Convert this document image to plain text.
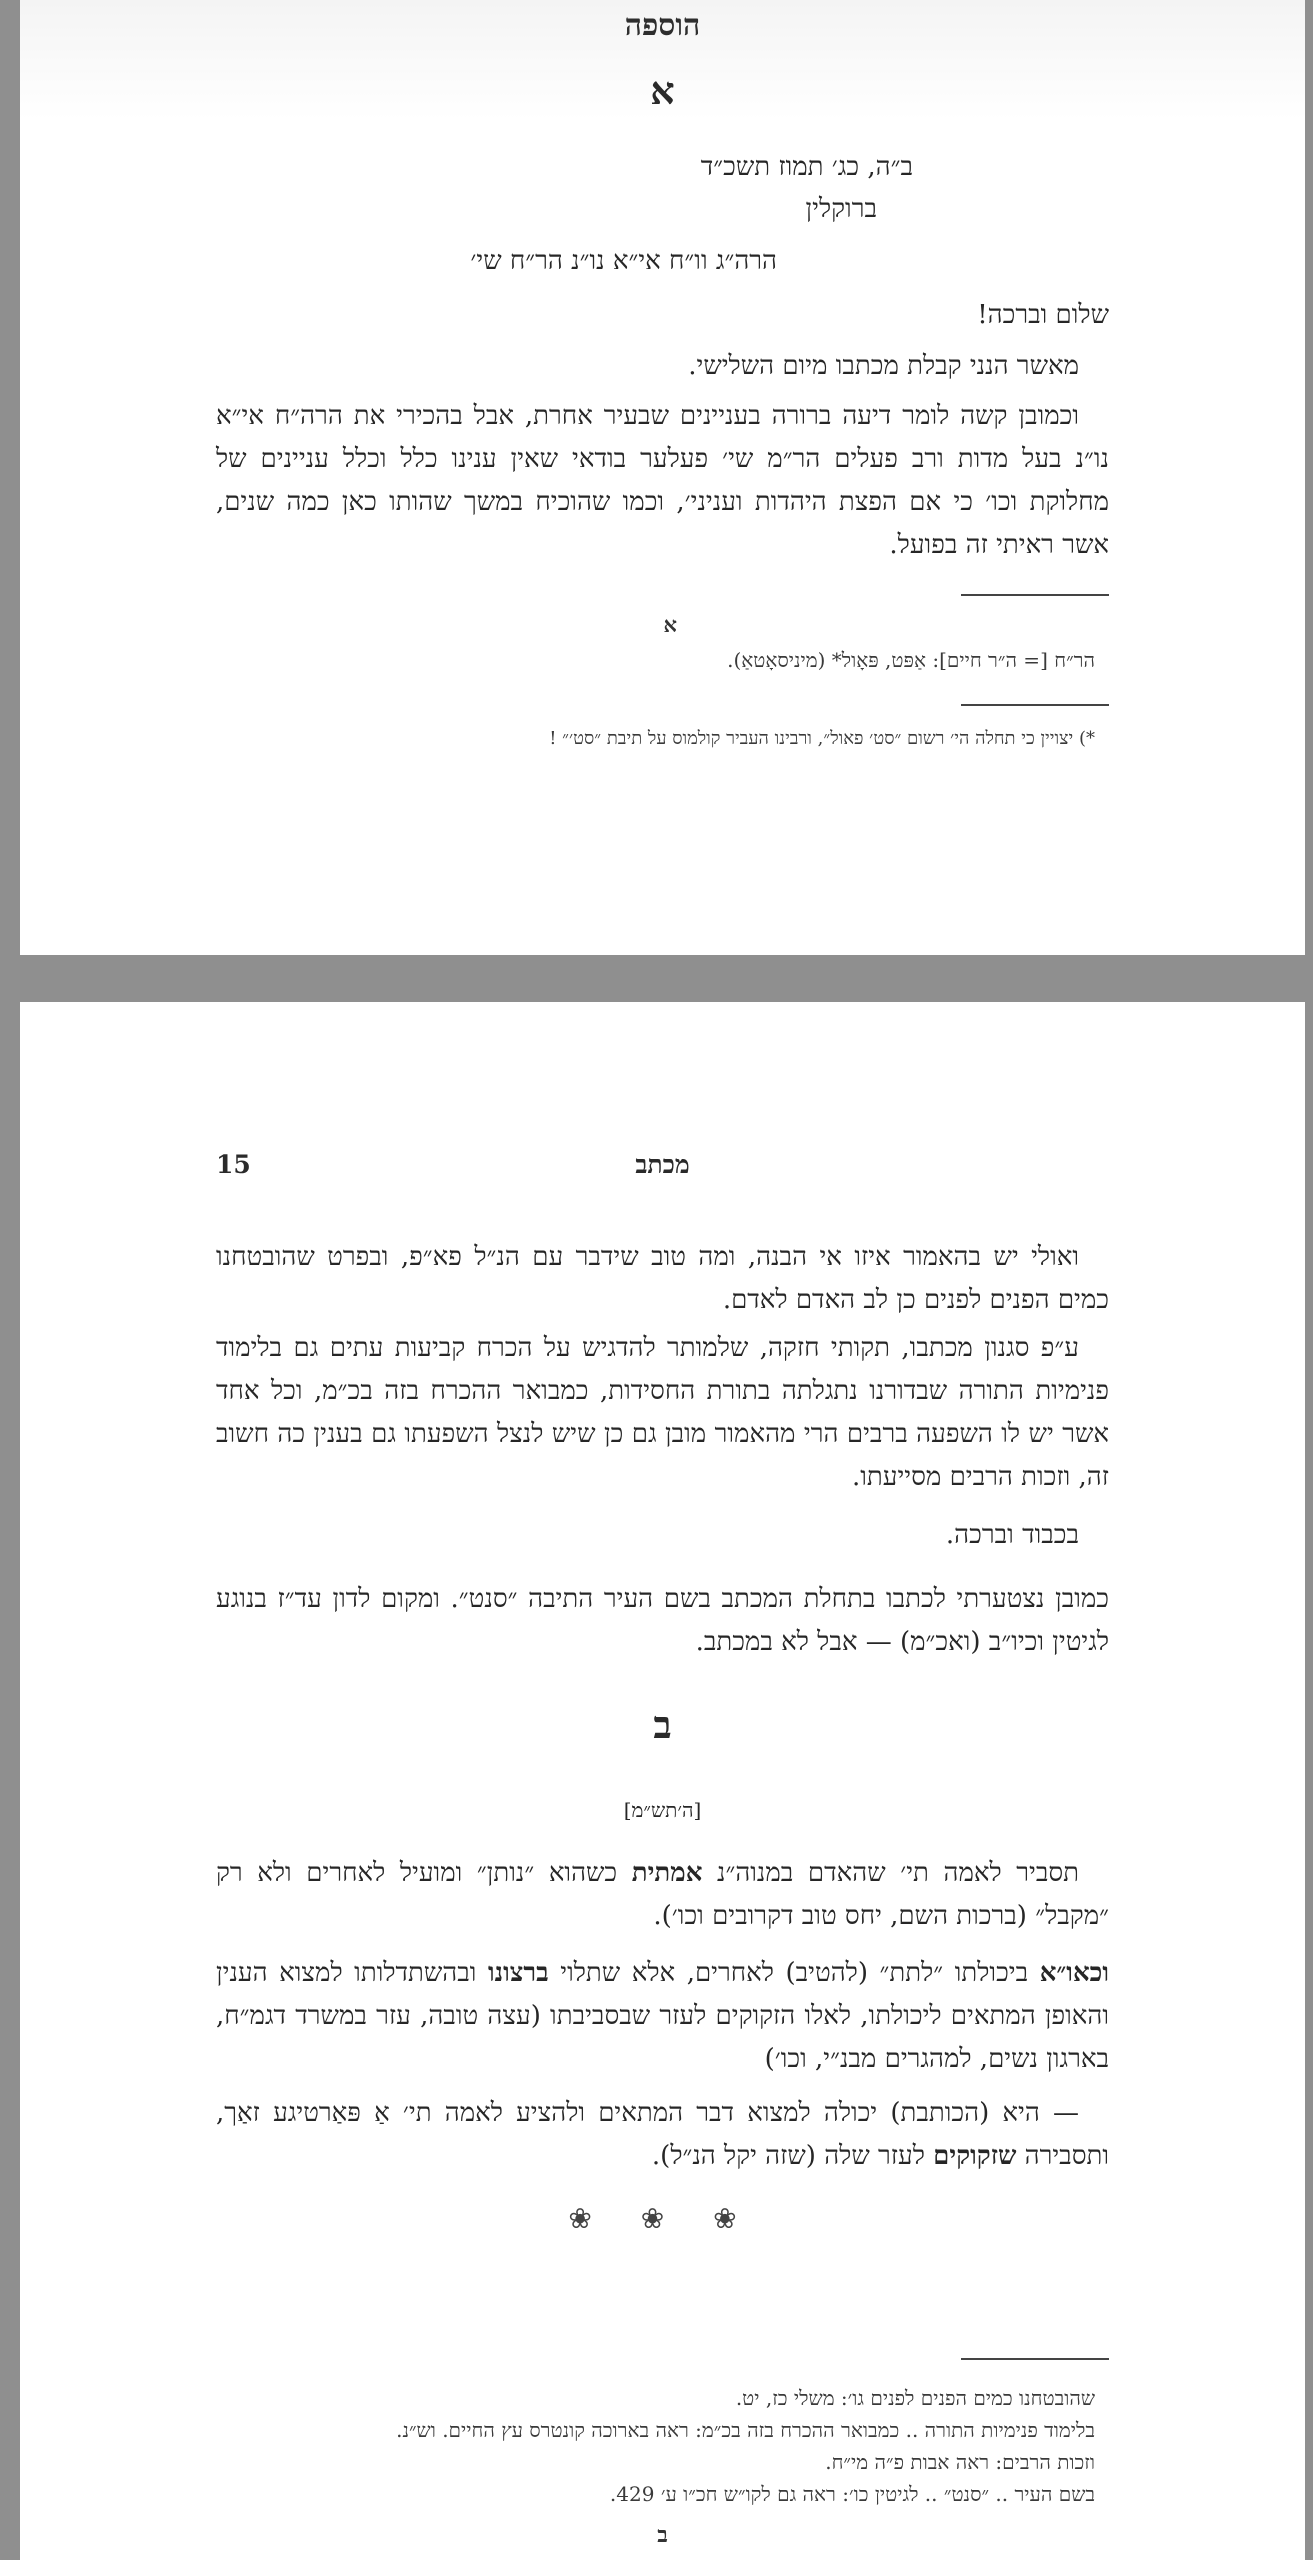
הוספה
א
ב״ה, כג׳ תמוז תשכ״ד
ברוקלין
הרה״ג וו״ח אי״א נו״נ הר״ח שי׳
שלום וברכה!
מאשר הנני קבלת מכתבו מיום השלישי.
וכמובן קשה לומר דיעה ברורה בעניינים שבעיר אחרת, אבל בהכירי את הרה״ח אי״א נו״נ בעל מדות ורב פעלים הר״מ שי׳ פעלער בודאי שאין ענינו כלל וכלל עניינים של מחלוקת וכו׳ כי אם הפצת היהדות ועניני׳, וכמו שהוכיח במשך שהותו כאן כמה שנים, אשר ראיתי זה בפועל.
א
הר״ח [= ה״ר חיים]: אַפּט, פּאָול* (מיניסאָטאַ).
*) יצויין כי תחלה הי׳ רשום ״סט׳ פאול״, ורבינו העביר קולמוס על תיבת ״סט׳״ !
מכתב
15
ואולי יש בהאמור איזו אי הבנה, ומה טוב שידבר עם הנ״ל פא״פ, ובפרט שהובטחנו כמים הפנים לפנים כן לב האדם לאדם.
ע״פ סגנון מכתבו, תקותי חזקה, שלמותר להדגיש על הכרח קביעות עתים גם בלימוד פנימיות התורה שבדורנו נתגלתה בתורת החסידות, כמבואר ההכרח בזה בכ״מ, וכל אחד אשר יש לו השפעה ברבים הרי מהאמור מובן גם כן שיש לנצל השפעתו גם בענין כה חשוב זה, וזכות הרבים מסייעתו.
בכבוד וברכה.
כמובן נצטערתי לכתבו בתחלת המכתב בשם העיר התיבה ״סנט״. ומקום לדון עד״ז בנוגע לגיטין וכיו״ב (ואכ״מ) — אבל לא במכתב.
ב
[ה׳תש״מ]
תסביר לאמה תי׳ שהאדם במנוה״נ אמתית כשהוא ״נותן״ ומועיל לאחרים ולא רק ״מקבל״ (ברכות השם, יחס טוב דקרובים וכו׳).
וכאו״א ביכולתו ״לתת״ (להטיב) לאחרים, אלא שתלוי ברצונו ובהשתדלותו למצוא הענין והאופן המתאים ליכולתו, לאלו הזקוקים לעזר שבסביבתו (עצה טובה, עזר במשרד דגמ״ח, בארגון נשים, למהגרים מבנ״י, וכו׳)
— היא (הכותבת) יכולה למצוא דבר המתאים ולהציע לאמה תי׳ אַ פּאַרטיגע זאַך, ותסבירה שזקוקים לעזר שלה (שזה יקל הנ״ל).
❀ ❀ ❀
שהובטחנו כמים הפנים לפנים גו׳: משלי כז, יט.
בלימוד פנימיות התורה .. כמבואר ההכרח בזה בכ״מ: ראה בארוכה קונטרס עץ החיים. וש״נ.
וזכות הרבים: ראה אבות פ״ה מי״ח.
בשם העיר .. ״סנט״ .. לגיטין כו׳: ראה גם לקו״ש חכ״ו ע׳ 429.
ב
